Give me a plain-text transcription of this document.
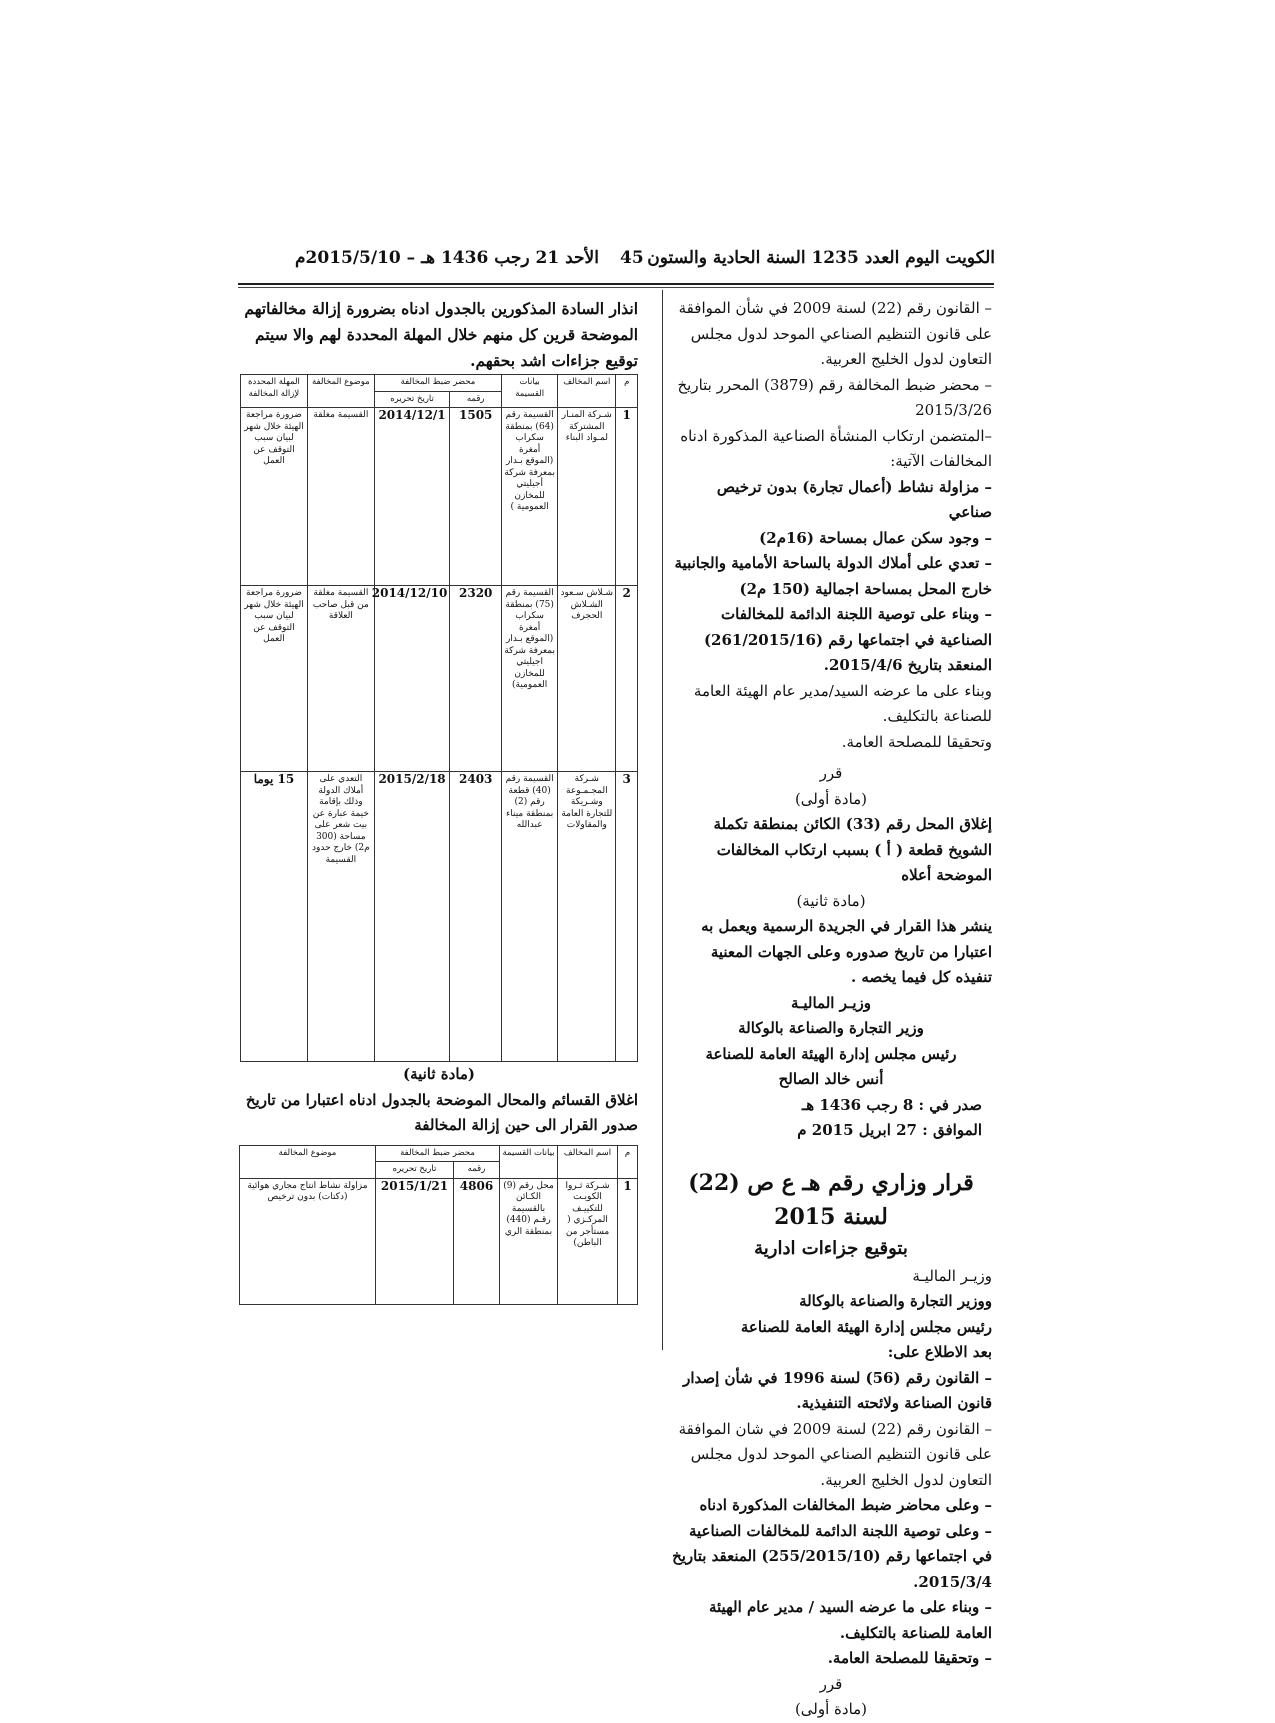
الكويت اليوم العدد 1235 السنة الحادية والستون
45
الأحد 21 رجب 1436 هـ – 2015/5/10م

– القانون رقم (22) لسنة 2009 في شأن الموافقة على قانون التنظيم الصناعي الموحد لدول مجلس التعاون لدول الخليج العربية.

– محضر ضبط المخالفة رقم (3879) المحرر بتاريخ 2015/3/26

–المتضمن ارتكاب المنشأة الصناعية المذكورة ادناه المخالفات الآتية:

– مزاولة نشاط (أعمال تجارة) بدون ترخيص صناعي

– وجود سكن عمال بمساحة (16م2)

– تعدي على أملاك الدولة بالساحة الأمامية والجانبية خارج المحل بمساحة اجمالية (150 م2)

– وبناء على توصية اللجنة الدائمة للمخالفات الصناعية في اجتماعها رقم (261/2015/16) المنعقد بتاريخ 2015/4/6.

وبناء على ما عرضه السيد/مدير عام الهيئة العامة للصناعة بالتكليف.

وتحقيقا للمصلحة العامة.

قرر

(مادة أولى)

إغلاق المحل رقم (33) الكائن بمنطقة تكملة الشويخ قطعة ( أ ) بسبب ارتكاب المخالفات الموضحة أعلاه

(مادة ثانية)

ينشر هذا القرار في الجريدة الرسمية ويعمل به اعتبارا من تاريخ صدوره وعلى الجهات المعنية تنفيذه كل فيما يخصه .

وزيـر الماليـة

وزير التجارة والصناعة بالوكالة

رئيس مجلس إدارة الهيئة العامة للصناعة

أنس خالد الصالح

صدر في : 8 رجب 1436 هـ

الموافق : 27 ابريل 2015 م

قرار وزاري رقم هـ ع ص (22) لسنة 2015

بتوقيع جزاءات ادارية

وزيـر الماليـة

ووزير التجارة والصناعة بالوكالة

رئيس مجلس إدارة الهيئة العامة للصناعة

بعد الاطلاع على:

– القانون رقم (56) لسنة 1996 في شأن إصدار قانون الصناعة ولائحته التنفيذية.

– القانون رقم (22) لسنة 2009 في شان الموافقة على قانون التنظيم الصناعي الموحد لدول مجلس التعاون لدول الخليج العربية.

– وعلى محاضر ضبط المخالفات المذكورة ادناه

– وعلى توصية اللجنة الدائمة للمخالفات الصناعية في اجتماعها رقم (255/2015/10) المنعقد بتاريخ 2015/3/4.

– وبناء على ما عرضه السيد / مدير عام الهيئة العامة للصناعة بالتكليف.

– وتحقيقا للمصلحة العامة.

قرر

(مادة أولى)

انذار السادة المذكورين بالجدول ادناه بضرورة إزالة مخالفاتهم الموضحة قرين كل منهم خلال المهلة المحددة لهم والا سيتم توقيع جزاءات اشد بحقهم.

م	اسم المخالف	بيانات القسيمة	محضر ضبط المخالفة		موضوع المخالفة	المهلة المحددة لإزالة المخالفة
			رقمه	تاريخ تحريره		
1	شـركة المنـار المشتركة لمـواد البناء	القسيمة رقم (64) بمنطقة سكراب أمغرة (الموقع بـدار بمعرفة شركة أجيليتي للمخازن العمومية )	1505	2014/12/1	القسيمة مغلقة	ضرورة مراجعة الهيئة خلال شهر لبيان سبب التوقف عن العمل
2	شـلاش سـعود الشـلاش الحجرف	القسيمة رقم (75) بمنطقة سكراب أمغرة (الموقع بـدار بمعرفة شركة اجيليتي للمخازن العمومية)	2320	2014/12/10	القسيمة مغلقة من قبل صاحب العلاقة	ضرورة مراجعة الهيئة خلال شهر لبيان سبب التوقف عن العمل
3	شـركة المجـمـوعة وشـريكة للتجارة العامة والمقاولات	القسيمة رقم (40) قطعة رقم (2) بمنطقة ميناء عبدالله	2403	2015/2/18	التعدي على أملاك الدولة وذلك بإقامة خيمة عبارة عن بيت شعر على مساحة (300 م2) خارج حدود القسيمة	15 يوما

(مادة ثانية)

اغلاق القسائم والمحال الموضحة بالجدول ادناه اعتبارا من تاريخ صدور القرار الى حين إزالة المخالفة

م	اسم المخالف	بيانات القسيمة	محضر ضبط المخالفة		موضوع المخالفة
			رقمه	تاريخ تحريره	
1	شـركة ثـروا الكويـت للتكييـف المركـزي ( مستأجر من الباطن)	محل رقم (9) الكـائن بالقسيمة رقـم (440) بمنطقة الري	4806	2015/1/21	مزاولة نشاط انتاج مجاري هوائية (دكتات) بدون ترخيص
